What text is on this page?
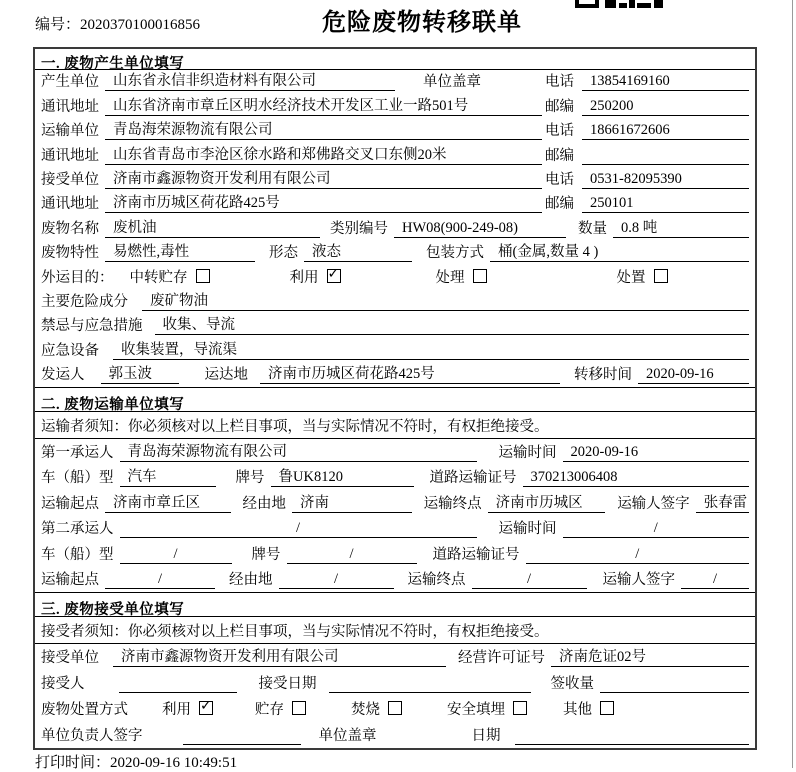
编号：2020370100016856	危险废物转移联单
一. 废物产生单位填写
产生单位 山东省永信非织造材料有限公司	单位盖章	电话	13854169160
通讯地址 山东省济南市章丘区明水经济技术开发区工业一路501号	邮编	250200
运输单位 青岛海荣源物流有限公司	电话	18661672606
通讯地址 山东省青岛市李沧区徐水路和郑佛路交叉口东侧20米	邮编
接受单位 济南市鑫源物资开发利用有限公司	电话	0531-82095390
通讯地址 济南市历城区荷花路425号	邮编	250101
废物名称 废机油	类别编号 HW08(900-249-08)	数量 0.8 吨
废物特性 易燃性,毒性	形态 液态	包装方式 桶(金属,数量 4 )
外运目的： 中转贮存	利用 ✓	处理	处置
主要危险成分	废矿物油
禁忌与应急措施	收集、导流
应急设备	收集装置，导流渠
发运人	郭玉波	运达地	济南市历城区荷花路425号	转移时间 2020-09-16
二. 废物运输单位填写
运输者须知：你必须核对以上栏目事项，当与实际情况不符时，有权拒绝接受。
第一承运人 青岛海荣源物流有限公司	运输时间 2020-09-16
车（船）型 汽车	牌号 鲁UK8120	道路运输证号 370213006408
运输起点 济南市章丘区	经由地 济南	运输终点 济南市历城区	运输人签字 张春雷
第二承运人	/	运输时间	/
车（船）型	/	牌号	/	道路运输证号	/
运输起点	/	经由地	/	运输终点	/	运输人签字	/
三. 废物接受单位填写
接受者须知：你必须核对以上栏目事项，当与实际情况不符时，有权拒绝接受。
接受单位	济南市鑫源物资开发利用有限公司	经营许可证号 济南危证02号
接受人	接受日期	签收量
废物处置方式 利用 ✓	贮存	焚烧	安全填埋	其他
单位负责人签字	单位盖章	日期
打印时间：2020-09-16 10:49:51
